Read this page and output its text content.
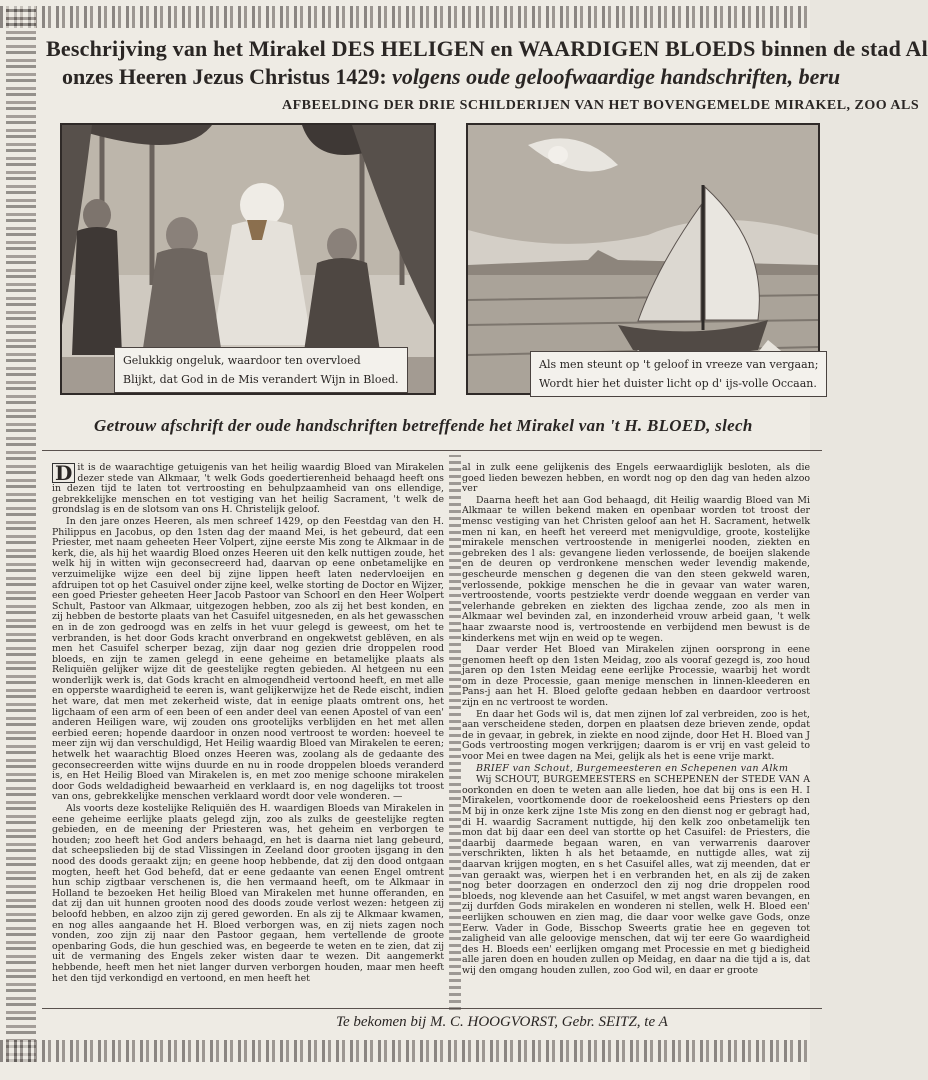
Beschrijving van het Mirakel DES HELIGEN en WAARDIGEN BLOEDS binnen de stad Al
onzes Heeren Jezus Christus 1429: volgens oude geloofwaardige handschriften, beru
AFBEELDING DER DRIE SCHILDERIJEN VAN HET BOVENGEMELDE MIRAKEL, ZOO ALS
Gelukkig ongeluk, waardoor ten overvloed
Blijkt, dat God in de Mis verandert Wijn in Bloed.
Als men steunt op 't geloof in vreeze van vergaan;
Wordt hier het duister licht op d' ijs-volle Occaan.
Getrouw afschrift der oude handschriften betreffende het Mirakel van 't H. BLOED, slech

D it is de waarachtige getuigenis van het heilig waardig Bloed van Mirakelen dezer stede van Alkmaar, 't welk Gods goedertierenheid behaagd heeft ons in dezen tijd te laten tot vertroosting en behulpzaamheid van ons ellendige, gebrekkelijke menschen en tot vestiging van het heilig Sacrament, 't welk de grondslag is en de slotsom van ons H. Christelijk geloof.

In den jare onzes Heeren, als men schreef 1429, op den Feestdag van den H. Philippus en Jacobus, op den 1sten dag der maand Mei, is het gebeurd, dat een Priester, met naam geheeten Heer Volpert, zijne eerste Mis zong te Alkmaar in de kerk, die, als hij het waardig Bloed onzes Heeren uit den kelk nuttigen zoude, het welk hij in witten wijn geconsecreerd had, daarvan op eene onbetamelijke en verzuimelijke wijze een deel bij zijne lippen heeft laten nedervloeijen en afdruipen tot op het Casuivel onder zijne keel, welke storting de Doctor en Wijzer, een goed Priester geheeten Heer Jacob Pastoor van Schoorl en den Heer Wolpert Schult, Pastoor van Alkmaar, uitgezogen hebben, zoo als zij het best konden, en zij hebben de bestorte plaats van het Casuifel uitgesneden, en als het gewasschen en in de zon gedroogd was en zelfs in het vuur gelegd is geweest, om het te verbranden, is het door Gods kracht onverbrand en ongekwetst geblëven, en als men het Casuifel scherper bezag, zijn daar nog gezien drie droppelen rood bloeds, en zijn te zamen gelegd in eene geheime en betamelijke plaats als Reliquiën gelijker wijze dit de geestelijke regten gebieden. Al hetgeen nu een wonderlijk werk is, dat Gods kracht en almogendheid vertoond heeft, en met alle en opperste waardigheid te eeren is, want gelijkerwijze het de Rede eischt, indien het ware, dat men met zekerheid wiste, dat in eenige plaats omtrent ons, het ligchaam of een arm of een been of een ander deel van eenen Apostel of van een' anderen Heiligen ware, wij zouden ons grootelijks verblijden en het met allen eerbied eeren; hopende daardoor in onzen nood vertroost te worden: hoeveel te meer zijn wij dan verschuldigd, Het Heilig waardig Bloed van Mirakelen te eeren; hetwelk het waarachtig Bloed onzes Heeren was, zoolang als de gedaante des geconsecreerden witte wijns duurde en nu in roode droppelen bloeds veranderd is, en Het Heilig Bloed van Mirakelen is, en met zoo menige schoone mirakelen door Gods weldadigheid bewaarheid en verklaard is, en nog dagelijks tot troost van ons, gebrekkelijke menschen verklaard wordt door vele wonderen. —

Als voorts deze kostelijke Reliquiën des H. waardigen Bloeds van Mirakelen in eene geheime eerlijke plaats gelegd zijn, zoo als zulks de geestelijke regten gebieden, en de meening der Priesteren was, het geheim en verborgen te houden; zoo heeft het God anders behaagd, en het is daarna niet lang gebeurd, dat scheepslieden bij de stad Vlissingen in Zeeland door grooten ijsgang in den nood des doods geraakt zijn; en geene hoop hebbende, dat zij den dood ontgaan mogten, heeft het God behefd, dat er eene gedaante van eenen Engel omtrent hun schip zigtbaar verschenen is, die hen vermaand heeft, om te Alkmaar in Holland te bezoeken Het heilig Bloed van Mirakelen met hunne offeranden, en dat zij dan uit hunnen grooten nood des doods zoude verlost wezen: hetgeen zij beloofd hebben, en alzoo zijn zij gered geworden. En als zij te Alkmaar kwamen, en nog alles aangaande het H. Bloed verborgen was, en zij niets zagen noch vonden, zoo zijn zij naar den Pastoor gegaan, hem vertellende de groote openbaring Gods, die hun geschied was, en begeerde te weten en te zien, dat zij uit de vermaning des Engels zeker wisten daar te wezen. Dit aangemerkt hebbende, heeft men het niet langer durven verborgen houden, maar men heeft het den tijd verkondigd en vertoond, en men heeft het

al in zulk eene gelijkenis des Engels eerwaardiglijk besloten, als die goed lieden bewezen hebben, en wordt nog op den dag van heden alzoo ver

Daarna heeft het aan God behaagd, dit Heilig waardig Bloed van Mi Alkmaar te willen bekend maken en openbaar worden tot troost der mensc vestiging van het Christen geloof aan het H. Sacrament, hetwelk men ni kan, en heeft het vereerd met menigvuldige, groote, kostelijke mirakele menschen vertroostende in menigerlei nooden, ziekten en gebreken des l als: gevangene lieden verlossende, de boeijen slakende en de deuren op verdronkene menschen weder levendig makende, gescheurde menschen g degenen die van den steen gekweld waren, verlossende, pokkige menschen he die in gevaar van water waren, vertroostende, voorts pestziekte verdr doende weggaan en verder van velerhande gebreken en ziekten des ligchaa zende, zoo als men in Alkmaar wel bevinden zal, en inzonderheid vrouw arbeid gaan, 't welk haar zwaarste nood is, vertroostende en verbijdend men bewust is de kinderkens met wijn en weid op te wegen.

Daar verder Het Bloed van Mirakelen zijnen oorsprong in eene genomen heeft op den 1sten Meidag, zoo als vooraf gezegd is, zoo houd jaren op den 1sten Meidag eene eerlijke Processie, waarbij het wordt om in deze Processie, gaan menige menschen in linnen-kleederen en Pans-j aan het H. Bloed gelofte gedaan hebben en daardoor vertroost zijn en nc vertroost te worden.

En daar het Gods wil is, dat men zijnen lof zal verbreiden, zoo is het, aan verscheidene steden, dorpen en plaatsen deze brieven zende, opdat de in gevaar, in gebrek, in ziekte en nood zijnde, door Het H. Bloed van J Gods vertroosting mogen verkrijgen; daarom is er vrij en vast geleid to voor Mei en twee dagen na Mei, gelijk als het is eene vrije markt.

BRIEF van Schout, Burgemeesteren en Schepenen van Alkm

Wij SCHOUT, BURGEMEESTERS en SCHEPENEN der STEDE VAN A oorkonden en doen te weten aan alle lieden, hoe dat bij ons is een H. I Mirakelen, voortkomende door de roekeloosheid eens Priesters op den M bij in onze kerk zijne 1ste Mis zong en den dienst nog er gebragt had, di H. waardig Sacrament nuttigde, hij den kelk zoo onbetamelijk ten mon dat bij daar een deel van stortte op het Casuifel: de Priesters, die daarbij daarmede begaan waren, en van verwarrenis daarover verschrikten, likten h als het betaamde, en nuttigde alles, wat zij daarvan krijgen mogten, en s het Casuifel alles, wat zij meenden, dat er van geraakt was, wierpen het i en verbranden het, en als zij de zaken nog beter doorzagen en onderzocl den zij nog drie droppelen rood bloeds, nog klevende aan het Casuifel, w met angst waren bevangen, en zij durfden Gods mirakelen en wonderen ni stellen, welk H. Bloed een' eerlijken schouwen en zien mag, die daar voor welke gave Gods, onze Eerw. Vader in Gode, Bisschop Sweerts gratie hee en gegeven tot zaligheid van alle geloovige menschen, dat wij ter eere Go waardigheid des H. Bloeds een' eerlijken omgang met Processie en met g biedigheid alle jaren doen en houden zullen op Meidag, en daar na die tijd a is, dat wij den omgang houden zullen, zoo God wil, en daar er groote

Te bekomen bij M. C. HOOGVORST, Gebr. SEITZ, te A
